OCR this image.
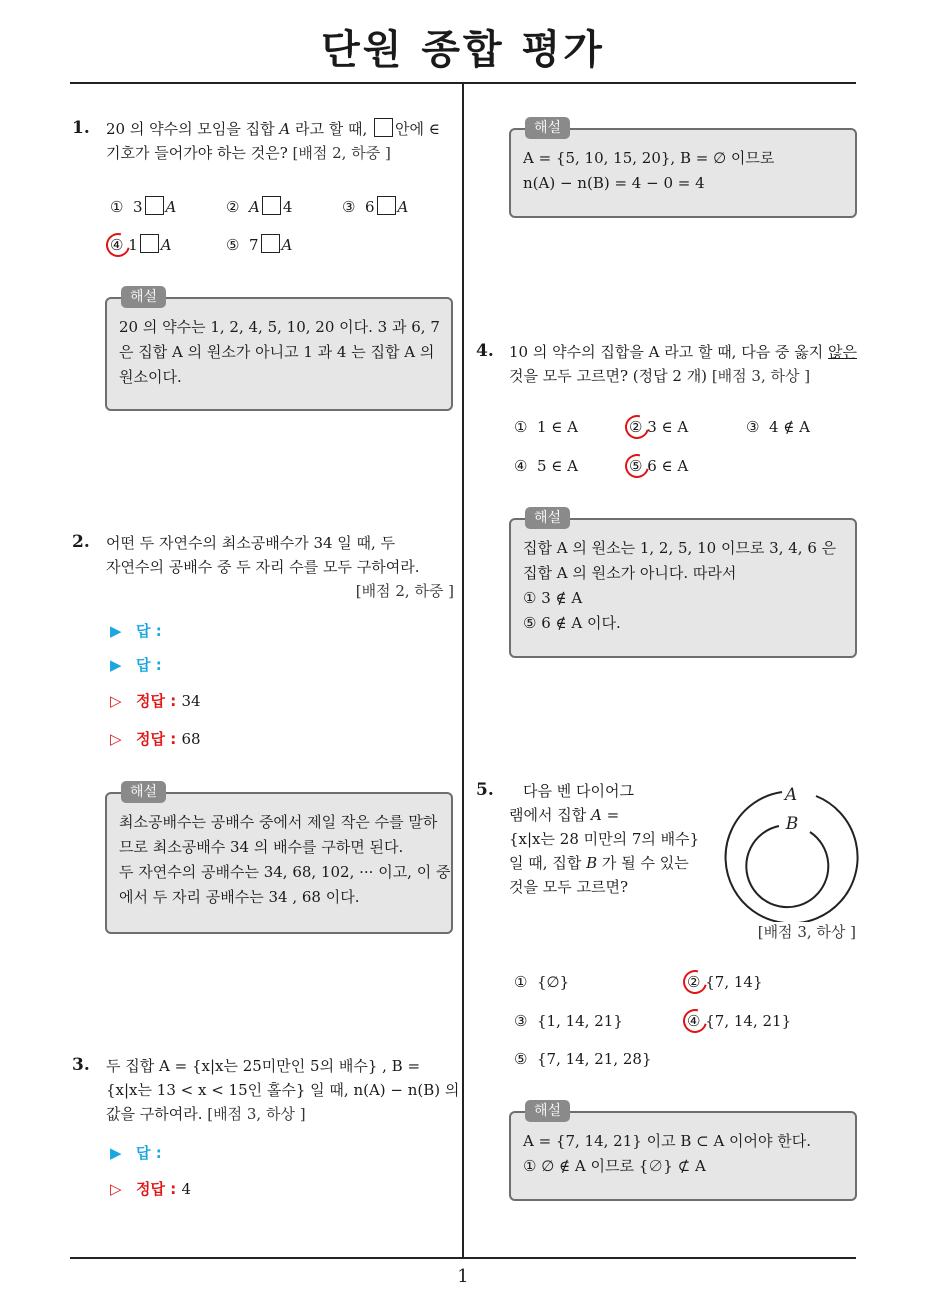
단원 종합 평가
1
1. 20 의 약수의 모임을 집합 A 라고 할 때, 안에 ∈
기호가 들어가야 하는 것은? [배점 2, 하중 ]
① 3 A	② A 4	③ 6 A
④ 1 A	⑤ 7 A
해설
20 의 약수는 1, 2, 4, 5, 10, 20 이다. 3 과 6, 7
은 집합 A 의 원소가 아니고 1 과 4 는 집합 A 의
원소이다.
2. 어떤 두 자연수의 최소공배수가 34 일 때, 두
자연수의 공배수 중 두 자리 수를 모두 구하여라.
[배점 2, 하중 ]
▶ 답 :
▶ 답 :
▷ 정답 : 34
▷ 정답 : 68
해설
최소공배수는 공배수 중에서 제일 작은 수를 말하
므로 최소공배수 34 의 배수를 구하면 된다.
두 자연수의 공배수는 34, 68, 102, ··· 이고, 이 중
에서 두 자리 공배수는 34 , 68 이다.
3. 두 집합 A = {x|x는 25미만인 5의 배수} , B =
{x|x는 13 < x < 15인 홀수} 일 때, n(A) − n(B) 의
값을 구하여라. [배점 3, 하상 ]
▶ 답 :
▷ 정답 : 4
해설
A = {5, 10, 15, 20}, B = ∅ 이므로
n(A) − n(B) = 4 − 0 = 4
4. 10 의 약수의 집합을 A 라고 할 때, 다음 중 옳지 않은
것을 모두 고르면? (정답 2 개) [배점 3, 하상 ]
① 1 ∈ A	② 3 ∈ A	③ 4 ∉ A
④ 5 ∈ A	⑤ 6 ∈ A
해설
집합 A 의 원소는 1, 2, 5, 10 이므로 3, 4, 6 은
집합 A 의 원소가 아니다. 따라서
① 3 ∉ A
⑤ 6 ∉ A 이다.
5.	다음 벤 다이어그
램에서 집합 A =
{x|x는 28 미만의 7의 배수}
일 때, 집합 B 가 될 수 있는
것을 모두 고르면?
A
B
[배점 3, 하상 ]
① {∅}	② {7, 14}
③ {1, 14, 21}	④ {7, 14, 21}
⑤ {7, 14, 21, 28}
해설
A = {7, 14, 21} 이고 B ⊂ A 이어야 한다.
① ∅ ∉ A 이므로 {∅} ⊄ A
